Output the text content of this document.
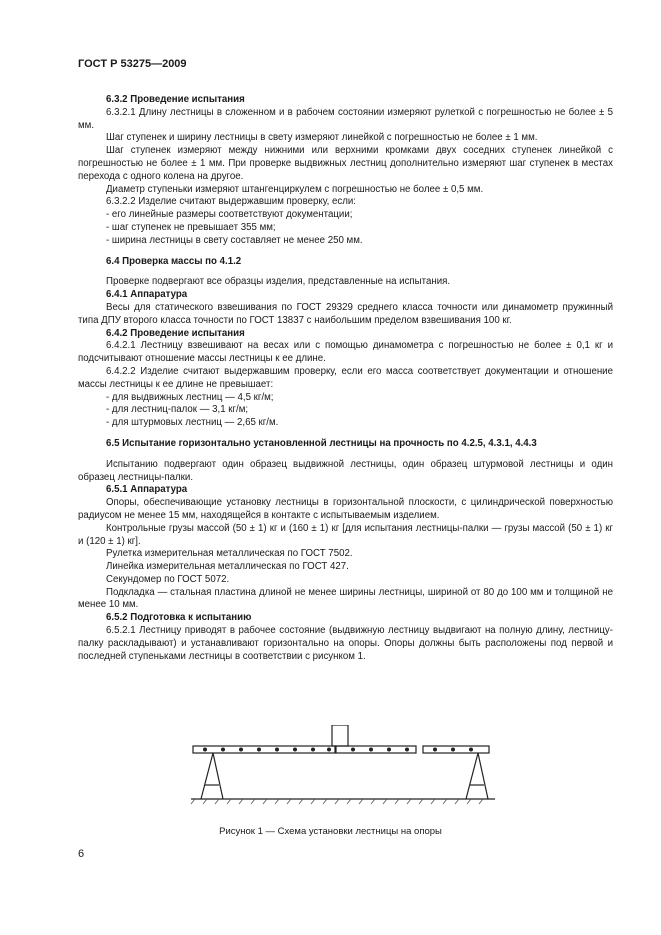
ГОСТ Р 53275—2009

6.3.2 Проведение испытания

6.3.2.1 Длину лестницы в сложенном и в рабочем состоянии измеряют рулеткой с погрешностью не более ± 5 мм.

Шаг ступенек и ширину лестницы в свету измеряют линейкой с погрешностью не более ± 1 мм.

Шаг ступенек измеряют между нижними или верхними кромками двух соседних ступенек линейкой с погрешностью не более ± 1 мм. При проверке выдвижных лестниц дополнительно измеряют шаг ступенек в местах перехода с одного колена на другое.

Диаметр ступеньки измеряют штангенциркулем с погрешностью не более ± 0,5 мм.

6.3.2.2 Изделие считают выдержавшим проверку, если:

- его линейные размеры соответствуют документации;

- шаг ступенек не превышает 355 мм;

- ширина лестницы в свету составляет не менее 250 мм.

6.4 Проверка массы по 4.1.2

Проверке подвергают все образцы изделия, представленные на испытания.

6.4.1 Аппаратура

Весы для статического взвешивания по ГОСТ 29329 среднего класса точности или динамометр пружинный типа ДПУ второго класса точности по ГОСТ 13837 с наибольшим пределом взвешивания 100 кг.

6.4.2 Проведение испытания

6.4.2.1 Лестницу взвешивают на весах или с помощью динамометра с погрешностью не более ± 0,1 кг и подсчитывают отношение массы лестницы к ее длине.

6.4.2.2 Изделие считают выдержавшим проверку, если его масса соответствует документации и отношение массы лестницы к ее длине не превышает:

- для выдвижных лестниц — 4,5 кг/м;

- для лестниц-палок — 3,1 кг/м;

- для штурмовых лестниц — 2,65 кг/м.

6.5 Испытание горизонтально установленной лестницы на прочность по 4.2.5, 4.3.1, 4.4.3

Испытанию подвергают один образец выдвижной лестницы, один образец штурмовой лестницы и один образец лестницы-палки.

6.5.1 Аппаратура

Опоры, обеспечивающие установку лестницы в горизонтальной плоскости, с цилиндрической поверхностью радиусом не менее 15 мм, находящейся в контакте с испытываемым изделием.

Контрольные грузы массой (50 ± 1) кг и (160 ± 1) кг [для испытания лестницы-палки — грузы массой (50 ± 1) кг и (120 ± 1) кг].

Рулетка измерительная металлическая по ГОСТ 7502.

Линейка измерительная металлическая по ГОСТ 427.

Секундомер по ГОСТ 5072.

Подкладка — стальная пластина длиной не менее ширины лестницы, шириной от 80 до 100 мм и толщиной не менее 10 мм.

6.5.2 Подготовка к испытанию

6.5.2.1 Лестницу приводят в рабочее состояние (выдвижную лестницу выдвигают на полную длину, лестницу-палку раскладывают) и устанавливают горизонтально на опоры. Опоры должны быть расположены под первой и последней ступеньками лестницы в соответствии с рисунком 1.

Рисунок 1 — Схема установки лестницы на опоры
6
